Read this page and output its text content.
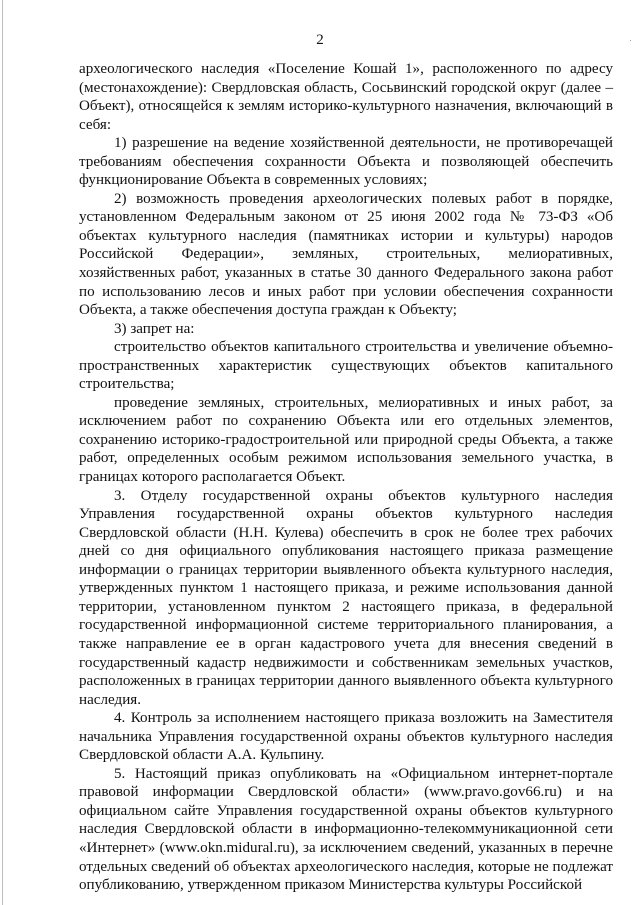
2

археологического наследия «Поселение Кошай 1», расположенного по адресу (местонахождение): Свердловская область, Сосьвинский городской округ (далее – Объект), относящейся к землям историко-культурного назначения, включающий в себя:

1) разрешение на ведение хозяйственной деятельности, не противоречащей требованиям обеспечения сохранности Объекта и позволяющей обеспечить функционирование Объекта в современных условиях;

2) возможность проведения археологических полевых работ в порядке, установленном Федеральным законом от 25 июня 2002 года № 73-ФЗ «Об объектах культурного наследия (памятниках истории и культуры) народов Российской Федерации», земляных, строительных, мелиоративных, хозяйственных работ, указанных в статье 30 данного Федерального закона работ по использованию лесов и иных работ при условии обеспечения сохранности Объекта, а также обеспечения доступа граждан к Объекту;

3) запрет на:

строительство объектов капитального строительства и увеличение объемно-пространственных характеристик существующих объектов капитального строительства;

проведение земляных, строительных, мелиоративных и иных работ, за исключением работ по сохранению Объекта или его отдельных элементов, сохранению историко-градостроительной или природной среды Объекта, а также работ, определенных особым режимом использования земельного участка, в границах которого располагается Объект.

3. Отделу государственной охраны объектов культурного наследия Управления государственной охраны объектов культурного наследия Свердловской области (Н.Н. Кулева) обеспечить в срок не более трех рабочих дней со дня официального опубликования настоящего приказа размещение информации о границах территории выявленного объекта культурного наследия, утвержденных пунктом 1 настоящего приказа, и режиме использования данной территории, установленном пунктом 2 настоящего приказа, в федеральной государственной информационной системе территориального планирования, а также направление ее в орган кадастрового учета для внесения сведений в государственный кадастр недвижимости и собственникам земельных участков, расположенных в границах территории данного выявленного объекта культурного наследия.

4. Контроль за исполнением настоящего приказа возложить на Заместителя начальника Управления государственной охраны объектов культурного наследия Свердловской области А.А. Кульпину.

5. Настоящий приказ опубликовать на «Официальном интернет-портале правовой информации Свердловской области» (www.pravo.gov66.ru) и на официальном сайте Управления государственной охраны объектов культурного наследия Свердловской области в информационно-телекоммуникационной сети «Интернет» (www.okn.midural.ru), за исключением сведений, указанных в перечне отдельных сведений об объектах археологического наследия, которые не подлежат опубликованию, утвержденном приказом Министерства культуры Российской
